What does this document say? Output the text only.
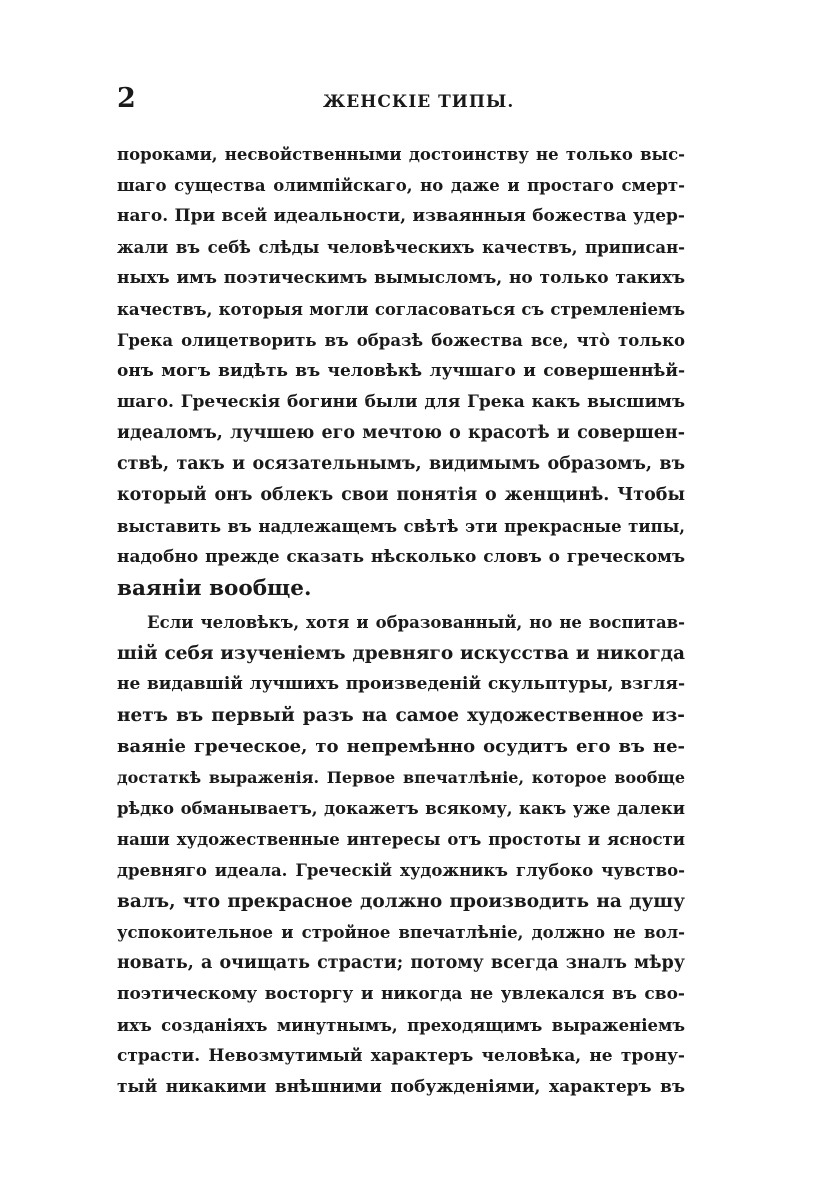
2	ЖЕНСКІЕ ТИПЫ.
пороками, несвойственными достоинству не только выс-
шаго существа олимпійскаго, но даже и простаго смерт-
наго. При всей идеальности, изваянныя божества удер-
жали въ себѣ слѣды человѣческихъ качествъ, приписан-
ныхъ имъ поэтическимъ вымысломъ, но только такихъ
качествъ, которыя могли согласоваться съ стремленіемъ
Грека олицетворить въ образѣ божества все, что̀ только
онъ могъ видѣть въ человѣкѣ лучшаго и совершеннѣй-
шаго. Греческія богини были для Грека какъ высшимъ
идеаломъ, лучшею его мечтою о красотѣ и совершен-
ствѣ, такъ и осязательнымъ, видимымъ образомъ, въ
который онъ облекъ свои понятія о женщинѣ. Чтобы
выставить въ надлежащемъ свѣтѣ эти прекрасные типы,
надобно прежде сказать нѣсколько словъ о греческомъ
ваяніи вообще.
Если человѣкъ, хотя и образованный, но не воспитав-
шій себя изученіемъ древняго искусства и никогда
не видавшій лучшихъ произведеній скульптуры, взгля-
нетъ въ первый разъ на самое художественное из-
ваяніе греческое, то непремѣнно осудитъ его въ не-
достаткѣ выраженія. Первое впечатлѣніе, которое вообще
рѣдко обманываетъ, докажетъ всякому, какъ уже далеки
наши художественные интересы отъ простоты и ясности
древняго идеала. Греческій художникъ глубоко чувство-
валъ, что прекрасное должно производить на душу
успокоительное и стройное впечатлѣніе, должно не вол-
новать, а очищать страсти; потому всегда зналъ мѣру
поэтическому восторгу и никогда не увлекался въ сво-
ихъ созданіяхъ минутнымъ, преходящимъ выраженіемъ
страсти. Невозмутимый характеръ человѣка, не трону-
тый никакими внѣшними побужденіями, характеръ въ
